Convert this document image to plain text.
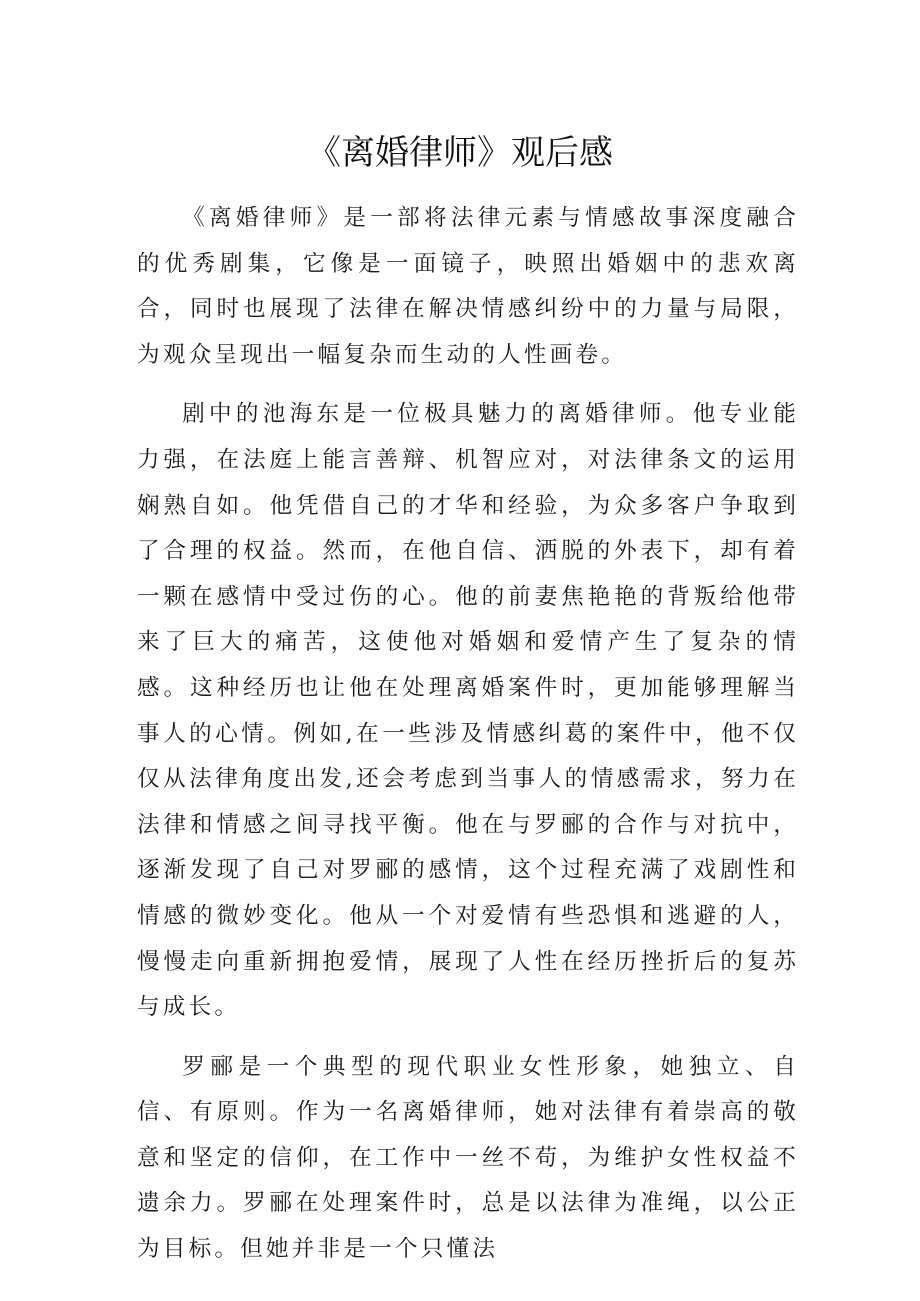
《离婚律师》观后感

《离婚律师》是一部将法律元素与情感故事深度融合的优秀剧集，它像是一面镜子，映照出婚姻中的悲欢离合，同时也展现了法律在解决情感纠纷中的力量与局限，为观众呈现出一幅复杂而生动的人性画卷。

剧中的池海东是一位极具魅力的离婚律师。他专业能力强，在法庭上能言善辩、机智应对，对法律条文的运用娴熟自如。他凭借自己的才华和经验，为众多客户争取到了合理的权益。然而，在他自信、洒脱的外表下，却有着一颗在感情中受过伤的心。他的前妻焦艳艳的背叛给他带来了巨大的痛苦，这使他对婚姻和爱情产生了复杂的情感。这种经历也让他在处理离婚案件时，更加能够理解当事人的心情。例如,在一些涉及情感纠葛的案件中，他不仅仅从法律角度出发,还会考虑到当事人的情感需求，努力在法律和情感之间寻找平衡。他在与罗郦的合作与对抗中，逐渐发现了自己对罗郦的感情，这个过程充满了戏剧性和情感的微妙变化。他从一个对爱情有些恐惧和逃避的人，慢慢走向重新拥抱爱情，展现了人性在经历挫折后的复苏与成长。

罗郦是一个典型的现代职业女性形象，她独立、自信、有原则。作为一名离婚律师，她对法律有着崇高的敬意和坚定的信仰，在工作中一丝不苟，为维护女性权益不遗余力。罗郦在处理案件时，总是以法律为准绳，以公正为目标。但她并非是一个只懂法
